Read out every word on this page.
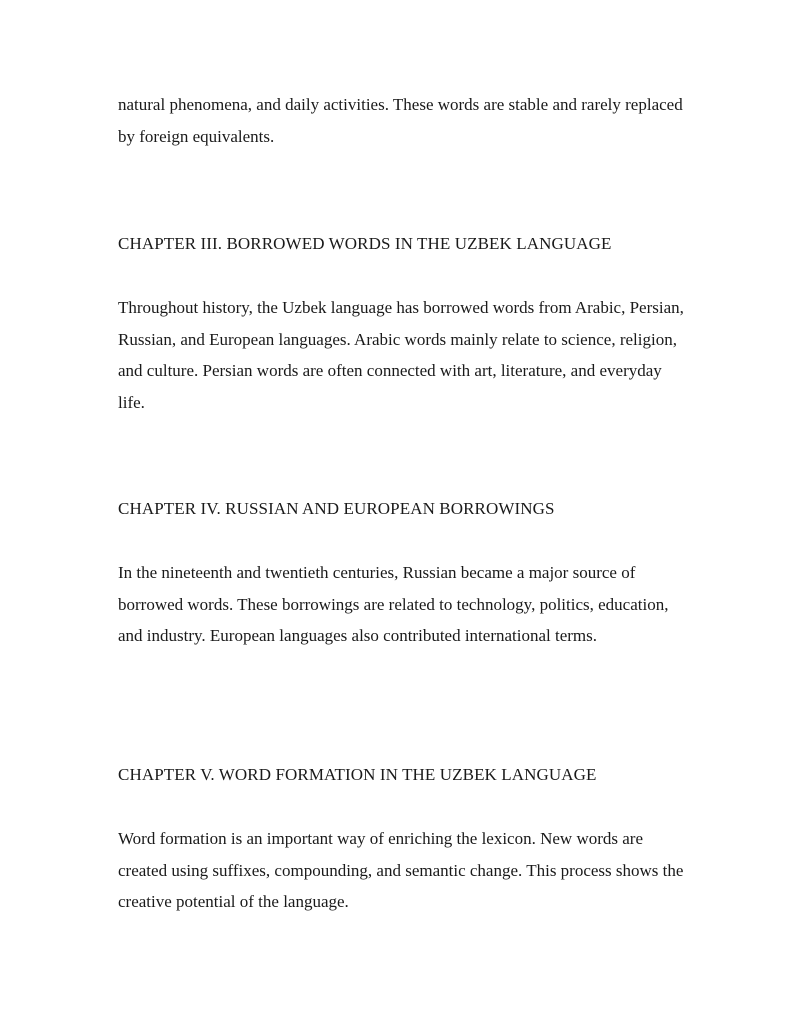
natural phenomena, and daily activities. These words are stable and rarely replaced by foreign equivalents.

CHAPTER III. BORROWED WORDS IN THE UZBEK LANGUAGE

Throughout history, the Uzbek language has borrowed words from Arabic, Persian, Russian, and European languages. Arabic words mainly relate to science, religion, and culture. Persian words are often connected with art, literature, and everyday life.

CHAPTER IV. RUSSIAN AND EUROPEAN BORROWINGS

In the nineteenth and twentieth centuries, Russian became a major source of borrowed words. These borrowings are related to technology, politics, education, and industry. European languages also contributed international terms.

CHAPTER V. WORD FORMATION IN THE UZBEK LANGUAGE

Word formation is an important way of enriching the lexicon. New words are created using suffixes, compounding, and semantic change. This process shows the creative potential of the language.
